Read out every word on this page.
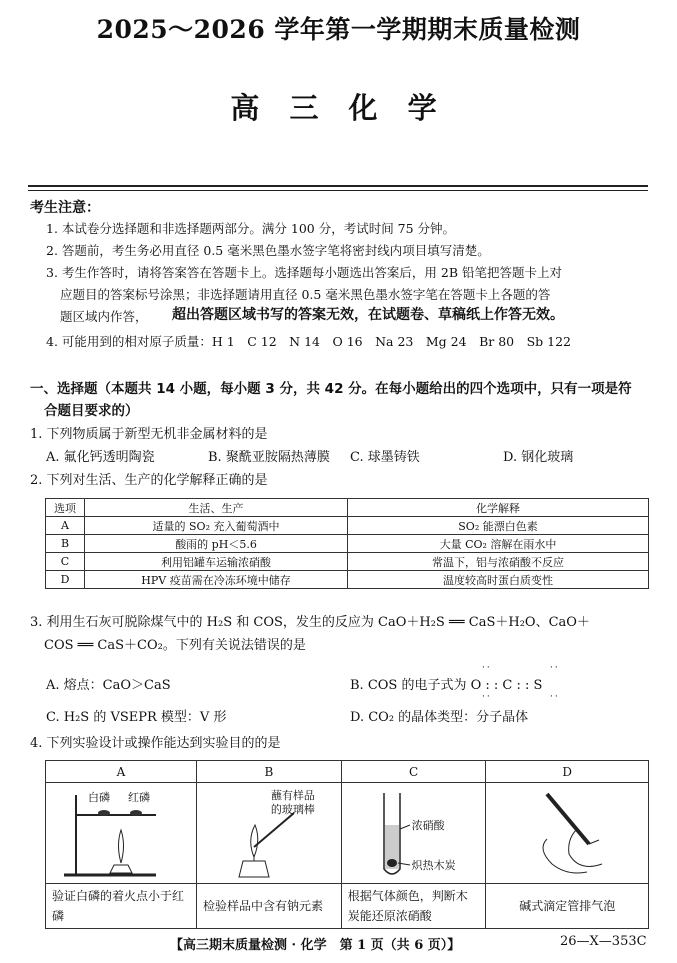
2025～2026 学年第一学期期末质量检测
高 三 化 学
考生注意：
1. 本试卷分选择题和非选择题两部分。满分 100 分，考试时间 75 分钟。
2. 答题前，考生务必用直径 0.5 毫米黑色墨水签字笔将密封线内项目填写清楚。
3. 考生作答时，请将答案答在答题卡上。选择题每小题选出答案后，用 2B 铅笔把答题卡上对
应题目的答案标号涂黑；非选择题请用直径 0.5 毫米黑色墨水签字笔在答题卡上各题的答
题区域内作答， 超出答题区域书写的答案无效，在试题卷、草稿纸上作答无效。
4. 可能用到的相对原子质量：H 1　C 12　N 14　O 16　Na 23　Mg 24　Br 80　Sb 122
一、选择题（本题共 14 小题，每小题 3 分，共 42 分。在每小题给出的四个选项中，只有一项是符
合题目要求的）
1. 下列物质属于新型无机非金属材料的是
A. 氟化钙透明陶瓷	B. 聚酰亚胺隔热薄膜 C. 球墨铸铁	D. 钢化玻璃
2. 下列对生活、生产的化学解释正确的是
选项	生活、生产	化学解释
A	适量的 SO₂ 充入葡萄酒中	SO₂ 能漂白色素
B	酸雨的 pH＜5.6	大量 CO₂ 溶解在雨水中
C	利用铝罐车运输浓硝酸	常温下，铝与浓硝酸不反应
D	HPV 疫苗需在冷冻环境中储存	温度较高时蛋白质变性
3. 利用生石灰可脱除煤气中的 H₂S 和 COS，发生的反应为 CaO＋H₂S ══ CaS＋H₂O、CaO＋
COS ══ CaS＋CO₂。下列有关说法错误的是
A. 熔点：CaO＞CaS
··            ··
B. COS 的电子式为 O : : C : : S
··            ··
C. H₂S 的 VSEPR 模型：V 形	D. CO₂ 的晶体类型：分子晶体
4. 下列实验设计或操作能达到实验目的的是
A	B	C	D

白磷 红磷	蘸有样品
的玻璃棒	浓硝酸
炽热木炭

验证白磷的着火点小于红磷	检验样品中含有钠元素	根据气体颜色，判断木炭能还原浓硝酸	碱式滴定管排气泡
【高三期末质量检测 · 化学　第 1 页（共 6 页）】	26—X—353C
